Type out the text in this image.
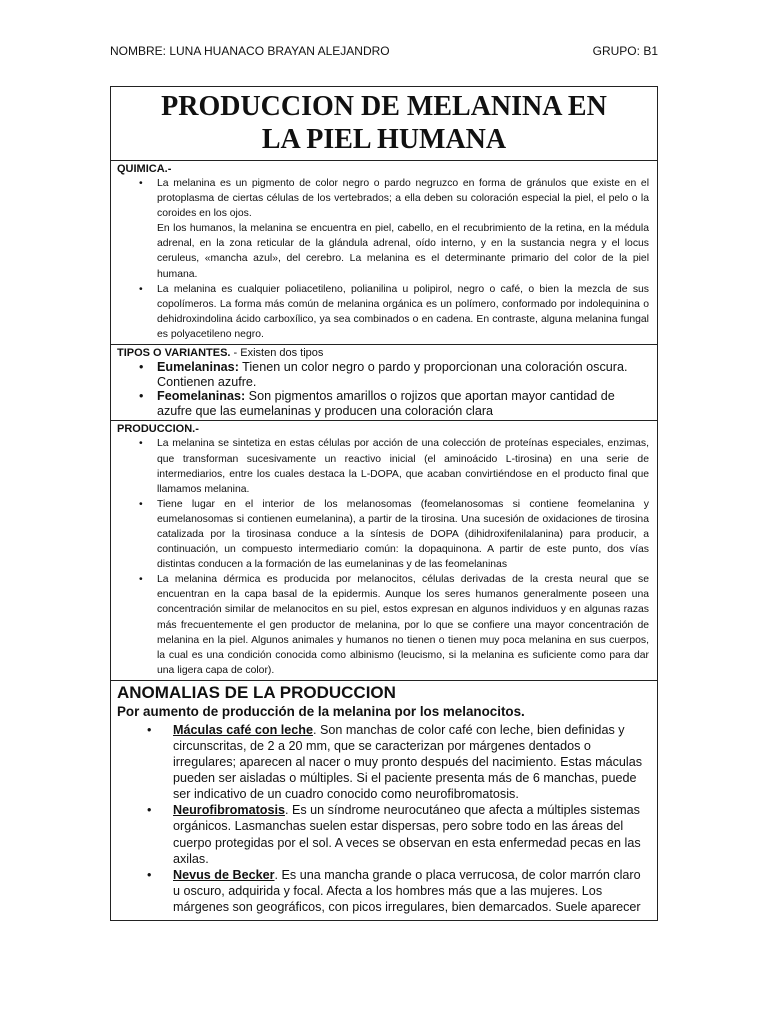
NOMBRE: LUNA HUANACO BRAYAN ALEJANDRO	GRUPO: B1
PRODUCCION DE MELANINA EN
LA PIEL HUMANA
QUIMICA.-

• La melanina es un pigmento de color negro o pardo negruzco en forma de gránulos que existe en el protoplasma de ciertas células de los vertebrados; a ella deben su coloración especial la piel, el pelo o la coroides en los ojos.

En los humanos, la melanina se encuentra en piel, cabello, en el recubrimiento de la retina, en la médula adrenal, en la zona reticular de la glándula adrenal, oído interno, y en la sustancia negra y el locus ceruleus, «mancha azul», del cerebro. La melanina es el determinante primario del color de la piel humana.

• La melanina es cualquier poliacetileno, polianilina u polipirol, negro o café, o bien la mezcla de sus copolímeros. La forma más común de melanina orgánica es un polímero, conformado por indolequinina o dehidroxindolina ácido carboxílico, ya sea combinados o en cadena. En contraste, alguna melanina fungal es polyacetileno negro.

TIPOS O VARIANTES. - Existen dos tipos
• Eumelaninas: Tienen un color negro o pardo y proporcionan una coloración oscura. Contienen azufre.
• Feomelaninas: Son pigmentos amarillos o rojizos que aportan mayor cantidad de azufre que las eumelaninas y producen una coloración clara
PRODUCCION.-

• La melanina se sintetiza en estas células por acción de una colección de proteínas especiales, enzimas, que transforman sucesivamente un reactivo inicial (el aminoácido L-tirosina) en una serie de intermediarios, entre los cuales destaca la L-DOPA, que acaban convirtiéndose en el producto final que llamamos melanina.

• Tiene lugar en el interior de los melanosomas (feomelanosomas si contiene feomelanina y eumelanosomas si contienen eumelanina), a partir de la tirosina. Una sucesión de oxidaciones de tirosina catalizada por la tirosinasa conduce a la síntesis de DOPA (dihidroxifenilalanina) para producir, a continuación, un compuesto intermediario común: la dopaquinona. A partir de este punto, dos vías distintas conducen a la formación de las eumelaninas y de las feomelaninas

• La melanina dérmica es producida por melanocitos, células derivadas de la cresta neural que se encuentran en la capa basal de la epidermis. Aunque los seres humanos generalmente poseen una concentración similar de melanocitos en su piel, estos expresan en algunos individuos y en algunas razas más frecuentemente el gen productor de melanina, por lo que se confiere una mayor concentración de melanina en la piel. Algunos animales y humanos no tienen o tienen muy poca melanina en sus cuerpos, la cual es una condición conocida como albinismo (leucismo, si la melanina es suficiente como para dar una ligera capa de color).

ANOMALIAS DE LA PRODUCCION
Por aumento de producción de la melanina por los melanocitos.
• Máculas café con leche. Son manchas de color café con leche, bien definidas y circunscritas, de 2 a 20 mm, que se caracterizan por márgenes dentados o irregulares; aparecen al nacer o muy pronto después del nacimiento. Estas máculas pueden ser aisladas o múltiples. Si el paciente presenta más de 6 manchas, puede ser indicativo de un cuadro conocido como neurofibromatosis.
• Neurofibromatosis. Es un síndrome neurocutáneo que afecta a múltiples sistemas orgánicos. Lasmanchas suelen estar dispersas, pero sobre todo en las áreas del cuerpo protegidas por el sol. A veces se observan en esta enfermedad pecas en las axilas.
• Nevus de Becker. Es una mancha grande o placa verrucosa, de color marrón claro u oscuro, adquirida y focal. Afecta a los hombres más que a las mujeres. Los márgenes son geográficos, con picos irregulares, bien demarcados. Suele aparecer
